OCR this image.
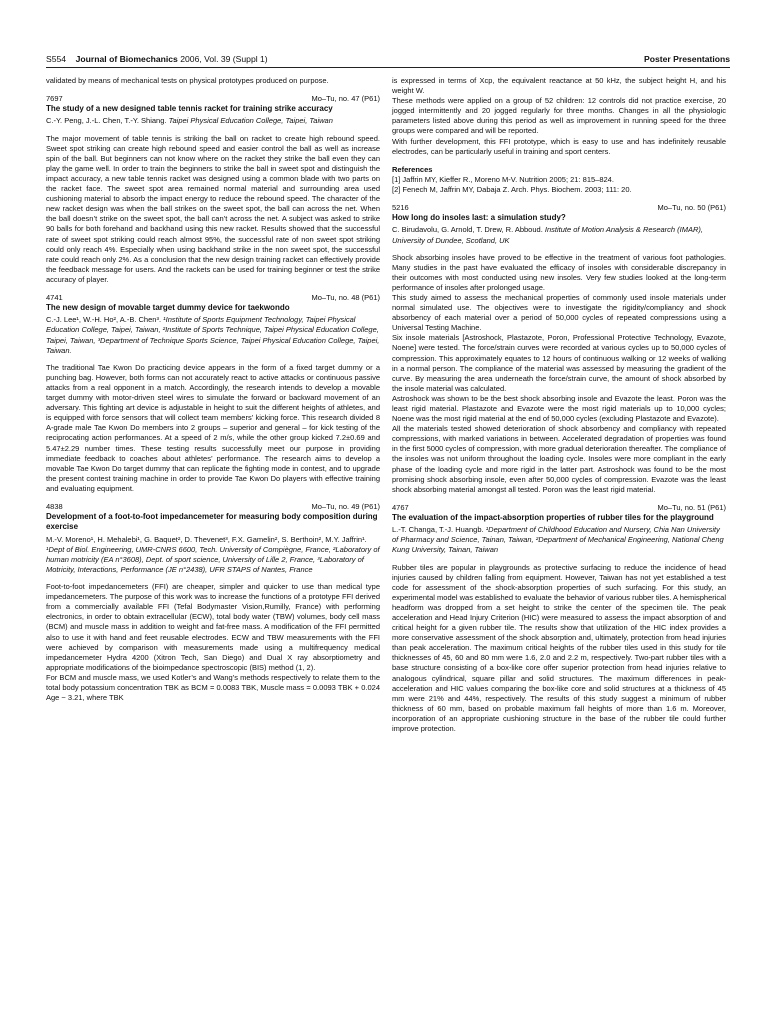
S554 Journal of Biomechanics 2006, Vol. 39 (Suppl 1)	Poster Presentations

validated by means of mechanical tests on physical prototypes produced on purpose.

7697	Mo–Tu, no. 47 (P61)

The study of a new designed table tennis racket for training strike accuracy

C.-Y. Peng, J.-L. Chen, T.-Y. Shiang. Taipei Physical Education College, Taipei, Taiwan

The major movement of table tennis is striking the ball on racket to create high rebound speed. Sweet spot striking can create high rebound speed and easier control the ball as well as increase spin of the ball. But beginners can not know where on the racket they strike the ball even they can play the game well. In order to train the beginners to strike the ball in sweet spot and distinguish the impact accuracy, a new table tennis racket was designed using a common blade with two parts on the racket face. The sweet spot area remained normal material and surrounding area used cushioning material to absorb the impact energy to reduce the rebound speed. The character of the new racket design was when the ball strikes on the sweet spot, the ball can across the net. When the ball doesn’t strike on the sweet spot, the ball can’t across the net. A subject was asked to strike 90 balls for both forehand and backhand using this new racket. Results showed that the successful rate of sweet spot striking could reach almost 95%, the successful rate of non sweet spot striking could only reach 4%. Especially when using backhand strike in the non sweet spot, the successful rate could reach only 2%. As a conclusion that the new design training racket can effectively provide the feedback message for users. And the rackets can be used for training beginner or test the strike accuracy of player.

4741	Mo–Tu, no. 48 (P61)

The new design of movable target dummy device for taekwondo

C.-J. Lee¹, W.-H. Ho², A.-B. Chen³. ¹Institute of Sports Equipment Technology, Taipei Physical Education College, Taipei, Taiwan, ²Institute of Sports Technique, Taipei Physical Education College, Taipei, Taiwan, ³Department of Technique Sports Science, Taipei Physical Education College, Taipei, Taiwan.

The traditional Tae Kwon Do practicing device appears in the form of a fixed target dummy or a punching bag. However, both forms can not accurately react to active attacks or continuous passive attacks from a real opponent in a match. Accordingly, the research intends to develop a movable target dummy with motor-driven steel wires to simulate the forward or backward movement of an adversary. This fighting art device is adjustable in height to suit the different heights of athletes, and is equipped with force sensors that will collect team members’ kicking force. This research divided 8 A-grade male Tae Kwon Do members into 2 groups – superior and general – for kick testing of the reciprocating action performances. At a speed of 2 m/s, while the other group kicked 7.2±0.69 and 5.47±2.29 number times. These testing results successfully meet our purpose in providing immediate feedback to coaches about athletes’ performance. The research aims to develop a movable Tae Kwon Do target dummy that can replicate the fighting mode in contest, and to upgrade the present contest training machine in order to provide Tae Kwon Do players with effective training and evaluating equipment.

4838	Mo–Tu, no. 49 (P61)

Development of a foot-to-foot impedancemeter for measuring body composition during exercise

M.-V. Moreno¹, H. Mehalebi¹, G. Baquet², D. Thevenet³, F.X. Gamelin², S. Berthoin², M.Y. Jaffrin¹. ¹Dept of Biol. Engineering, UMR-CNRS 6600, Tech. University of Compiègne, France, ²Laboratory of human motricity (EA n°3608), Dept. of sport science, University of Lille 2, France, ³Laboratory of Motricity, Interactions, Performance (JE n°2438), UFR STAPS of Nantes, France

Foot-to-foot impedancemeters (FFI) are cheaper, simpler and quicker to use than medical type impedancemeters. The purpose of this work was to increase the functions of a prototype FFI derived from a commercially available FFI (Tefal Bodymaster Vision,Rumilly, France) with performing electronics, in order to obtain extracellular (ECW), total body water (TBW) volumes, body cell mass (BCM) and muscle mass in addition to weight and fat-free mass. A modification of the FFI permitted also to use it with hand and feet reusable electrodes. ECW and TBW measurements with the FFI were achieved by comparison with measurements made using a multifrequency medical impedancemeter Hydra 4200 (Xitron Tech, San Diego) and Dual X ray absorptiometry and appropriate modifications of the bioimpedance spectroscopic (BIS) method (1, 2).

For BCM and muscle mass, we used Kotler’s and Wang’s methods respectively to relate them to the total body potassium concentration TBK as BCM = 0.0083 TBK, Muscle mass = 0.0093 TBK + 0.024 Age − 3.21, where TBK

is expressed in terms of Xcp, the equivalent reactance at 50 kHz, the subject height H, and his weight W.

These methods were applied on a group of 52 children: 12 controls did not practice exercise, 20 jogged intermittently and 20 jogged regularly for three months. Changes in all the physiologic parameters listed above during this period as well as improvement in running speed for the three groups were compared and will be reported.

With further development, this FFI prototype, which is easy to use and has indefinitely reusable electrodes, can be particularly useful in training and sport centers.

References

[1] Jaffrin MY, Kieffer R., Moreno M-V. Nutrition 2005; 21: 815–824.

[2] Fenech M, Jaffrin MY, Dabaja Z. Arch. Phys. Biochem. 2003; 111: 20.

5216	Mo–Tu, no. 50 (P61)

How long do insoles last: a simulation study?

C. Birudavolu, G. Arnold, T. Drew, R. Abboud. Institute of Motion Analysis & Research (IMAR), University of Dundee, Scotland, UK

Shock absorbing insoles have proved to be effective in the treatment of various foot pathologies. Many studies in the past have evaluated the efficacy of insoles with considerable discrepancy in their outcomes with most conducted using new insoles. Very few studies looked at the long-term performance of insoles after prolonged usage.

This study aimed to assess the mechanical properties of commonly used insole materials under normal simulated use. The objectives were to investigate the rigidity/compliancy and shock absorbency of each material over a period of 50,000 cycles of repeated compressions using a Universal Testing Machine.

Six insole materials [Astroshock, Plastazote, Poron, Professional Protective Technology, Evazote, Noene] were tested. The force/strain curves were recorded at various cycles up to 50,000 cycles of compression. This approximately equates to 12 hours of continuous walking or 12 weeks of walking in a normal person. The compliance of the material was assessed by measuring the gradient of the curve. By measuring the area underneath the force/strain curve, the amount of shock absorbed by the insole material was calculated.

Astroshock was shown to be the best shock absorbing insole and Evazote the least. Poron was the least rigid material. Plastazote and Evazote were the most rigid materials up to 10,000 cycles; Noene was the most rigid material at the end of 50,000 cycles (excluding Plastazote and Evazote).

All the materials tested showed deterioration of shock absorbency and compliancy with repeated compressions, with marked variations in between. Accelerated degradation of properties was found in the first 5000 cycles of compression, with more gradual deterioration thereafter. The compliance of the insoles was not uniform throughout the loading cycle. Insoles were more compliant in the early phase of the loading cycle and more rigid in the latter part. Astroshock was found to be the most promising shock absorbing insole, even after 50,000 cycles of compression. Evazote was the least shock absorbing material amongst all tested. Poron was the least rigid material.

4767	Mo–Tu, no. 51 (P61)

The evaluation of the impact-absorption properties of rubber tiles for the playground

L.-T. Changa, T.-J. Huangb. ¹Department of Childhood Education and Nursery, Chia Nan University of Pharmacy and Science, Tainan, Taiwan, ²Department of Mechanical Engineering, National Cheng Kung University, Tainan, Taiwan

Rubber tiles are popular in playgrounds as protective surfacing to reduce the incidence of head injuries caused by children falling from equipment. However, Taiwan has not yet established a test code for assessment of the shock-absorption properties of such surfacing. For this study, an experimental model was established to evaluate the behavior of various rubber tiles. A hemispherical headform was dropped from a set height to strike the center of the specimen tile. The peak acceleration and Head Injury Criterion (HIC) were measured to assess the impact absorption of and critical height for a given rubber tile. The results show that utilization of the HIC index provides a more conservative assessment of the shock absorption and, ultimately, protection from head injuries than peak acceleration. The maximum critical heights of the rubber tiles used in this study for tile thicknesses of 45, 60 and 80 mm were 1.6, 2.0 and 2.2 m, respectively. Two-part rubber tiles with a base structure consisting of a box-like core offer superior protection from head injuries relative to analogous cylindrical, square pillar and solid structures. The maximum differences in peak-acceleration and HIC values comparing the box-like core and solid structures at a thickness of 45 mm were 21% and 44%, respectively. The results of this study suggest a minimum of rubber thickness of 60 mm, based on probable maximum fall heights of more than 1.6 m. Moreover, incorporation of an appropriate cushioning structure in the base of the rubber tile could further improve protection.
